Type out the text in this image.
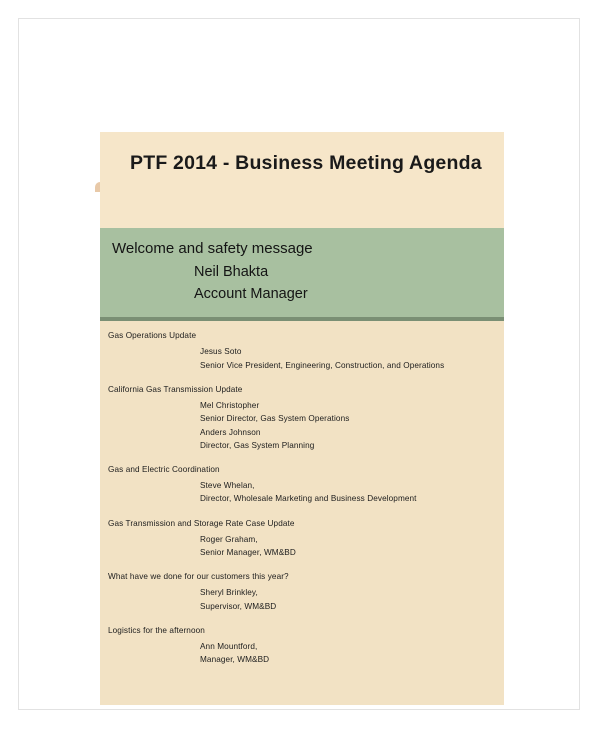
PTF 2014 - Business Meeting Agenda
Welcome and safety message
Neil Bhakta
Account Manager
Gas Operations Update
Jesus Soto
Senior Vice President, Engineering, Construction, and Operations
California Gas Transmission Update
Mel Christopher
Senior Director, Gas System Operations
Anders Johnson
Director, Gas System Planning
Gas and Electric Coordination
Steve Whelan,
Director, Wholesale Marketing and Business Development
Gas Transmission and Storage Rate Case Update
Roger Graham,
Senior Manager, WM&BD
What have we done for our customers this year?
Sheryl Brinkley,
Supervisor, WM&BD
Logistics for the afternoon
Ann Mountford,
Manager, WM&BD
